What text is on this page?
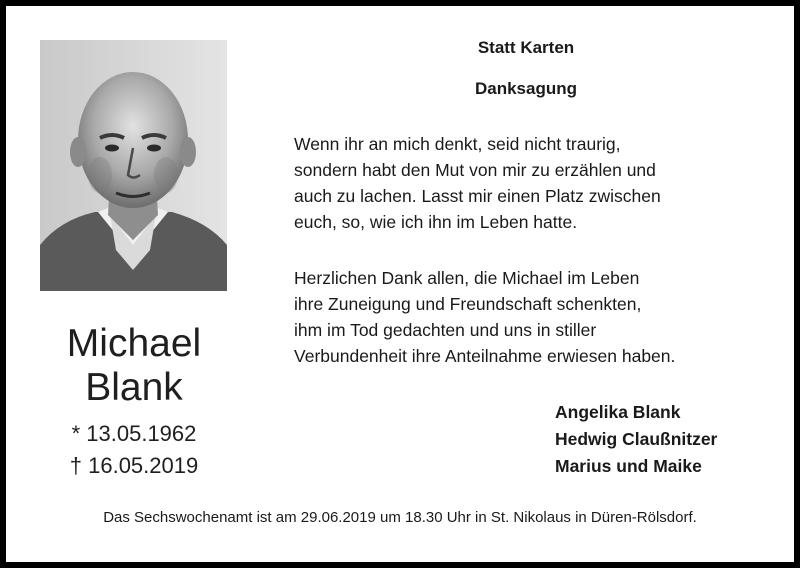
Michael
Blank
* 13.05.1962
† 16.05.2019
Statt Karten
Danksagung
Wenn ihr an mich denkt, seid nicht traurig,
sondern habt den Mut von mir zu erzählen und
auch zu lachen. Lasst mir einen Platz zwischen
euch, so, wie ich ihn im Leben hatte.
Herzlichen Dank allen, die Michael im Leben
ihre Zuneigung und Freundschaft schenkten,
ihm im Tod gedachten und uns in stiller
Verbundenheit ihre Anteilnahme erwiesen haben.
Angelika Blank
Hedwig Claußnitzer
Marius und Maike
Das Sechswochenamt ist am 29.06.2019 um 18.30 Uhr in St. Nikolaus in Düren-Rölsdorf.
